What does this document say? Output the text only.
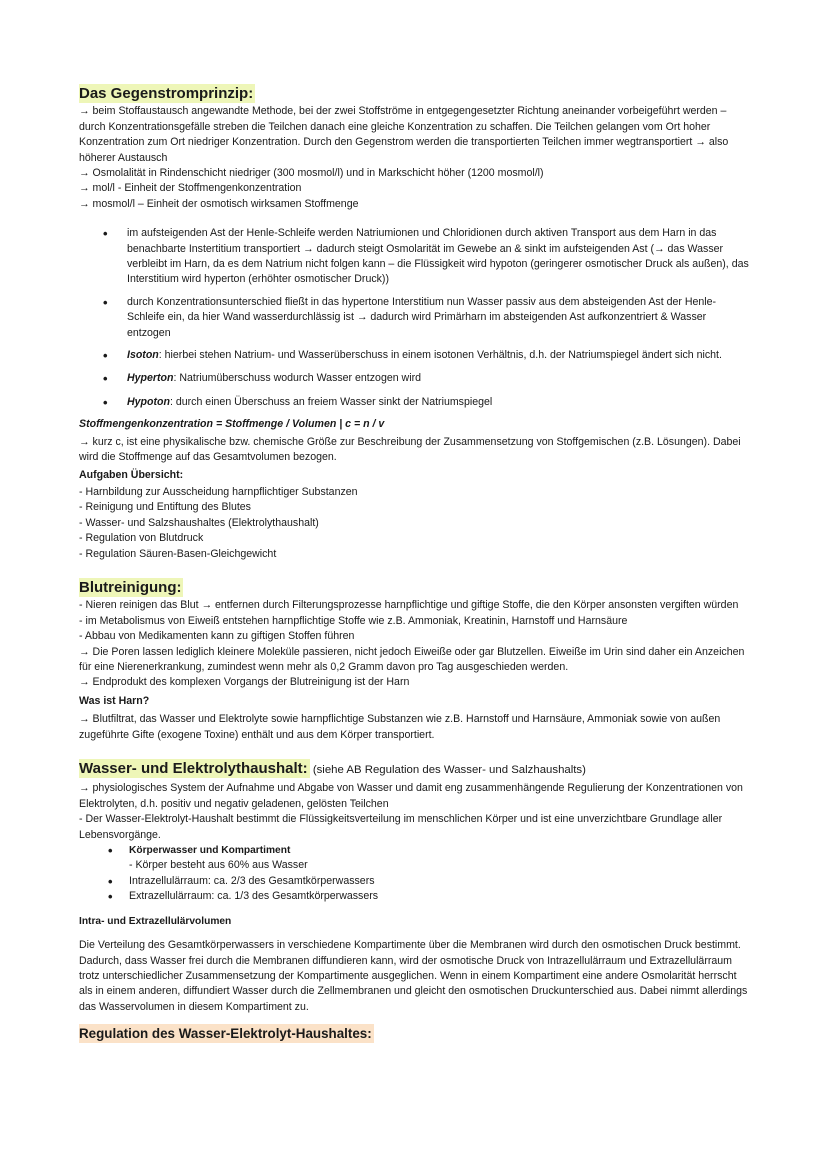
Das Gegenstromprinzip:

→ beim Stoffaustausch angewandte Methode, bei der zwei Stoffströme in entgegengesetzter Richtung aneinander vorbeigeführt werden – durch Konzentrationsgefälle streben die Teilchen danach eine gleiche Konzentration zu schaffen. Die Teilchen gelangen vom Ort hoher Konzentration zum Ort niedriger Konzentration. Durch den Gegenstrom werden die transportierten Teilchen immer wegtransportiert → also höherer Austausch

→ Osmolalität in Rindenschicht niedriger (300 mosmol/l) und in Markschicht höher (1200 mosmol/l)

→ mol/l - Einheit der Stoffmengenkonzentration

→ mosmol/l – Einheit der osmotisch wirksamen Stoffmenge

• im aufsteigenden Ast der Henle-Schleife werden Natriumionen und Chloridionen durch aktiven Transport aus dem Harn in das benachbarte Instertitium transportiert → dadurch steigt Osmolarität im Gewebe an & sinkt im aufsteigenden Ast (→ das Wasser verbleibt im Harn, da es dem Natrium nicht folgen kann – die Flüssigkeit wird hypoton (geringerer osmotischer Druck als außen), das Interstitium wird hyperton (erhöhter osmotischer Druck))
• durch Konzentrationsunterschied fließt in das hypertone Interstitium nun Wasser passiv aus dem absteigenden Ast der Henle-Schleife ein, da hier Wand wasserdurchlässig ist → dadurch wird Primärharn im absteigenden Ast aufkonzentriert & Wasser entzogen
• Isoton: hierbei stehen Natrium- und Wasserüberschuss in einem isotonen Verhältnis, d.h. der Natriumspiegel ändert sich nicht.
• Hyperton: Natriumüberschuss wodurch Wasser entzogen wird
• Hypoton: durch einen Überschuss an freiem Wasser sinkt der Natriumspiegel

Stoffmengenkonzentration = Stoffmenge / Volumen | c = n / v

→ kurz c, ist eine physikalische bzw. chemische Größe zur Beschreibung der Zusammensetzung von Stoffgemischen (z.B. Lösungen). Dabei wird die Stoffmenge auf das Gesamtvolumen bezogen.

Aufgaben Übersicht:

- Harnbildung zur Ausscheidung harnpflichtiger Substanzen

- Reinigung und Entiftung des Blutes

- Wasser- und Salzshaushaltes (Elektrolythaushalt)

- Regulation von Blutdruck

- Regulation Säuren-Basen-Gleichgewicht

Blutreinigung:

- Nieren reinigen das Blut → entfernen durch Filterungsprozesse harnpflichtige und giftige Stoffe, die den Körper ansonsten vergiften würden

- im Metabolismus von Eiweiß entstehen harnpflichtige Stoffe wie z.B. Ammoniak, Kreatinin, Harnstoff und Harnsäure

- Abbau von Medikamenten kann zu giftigen Stoffen führen

→ Die Poren lassen lediglich kleinere Moleküle passieren, nicht jedoch Eiweiße oder gar Blutzellen. Eiweiße im Urin sind daher ein Anzeichen für eine Nierenerkrankung, zumindest wenn mehr als 0,2 Gramm davon pro Tag ausgeschieden werden.

→ Endprodukt des komplexen Vorgangs der Blutreinigung ist der Harn

Was ist Harn?

→ Blutfiltrat, das Wasser und Elektrolyte sowie harnpflichtige Substanzen wie z.B. Harnstoff und Harnsäure, Ammoniak sowie von außen zugeführte Gifte (exogene Toxine) enthält und aus dem Körper transportiert.

Wasser- und Elektrolythaushalt: (siehe AB Regulation des Wasser- und Salzhaushalts)

→ physiologisches System der Aufnahme und Abgabe von Wasser und damit eng zusammenhängende Regulierung der Konzentrationen von Elektrolyten, d.h. positiv und negativ geladenen, gelösten Teilchen

- Der Wasser-Elektrolyt-Haushalt bestimmt die Flüssigkeitsverteilung im menschlichen Körper und ist eine unverzichtbare Grundlage aller Lebensvorgänge.

• Körperwasser und Kompartiment

- Körper besteht aus 60% aus Wasser

• Intrazellulärraum: ca. 2/3 des Gesamtkörperwassers
• Extrazellulärraum: ca. 1/3 des Gesamtkörperwassers

Intra- und Extrazellulärvolumen

Die Verteilung des Gesamtkörperwassers in verschiedene Kompartimente über die Membranen wird durch den osmotischen Druck bestimmt. Dadurch, dass Wasser frei durch die Membranen diffundieren kann, wird der osmotische Druck von Intrazellulärraum und Extrazellulärraum trotz unterschiedlicher Zusammensetzung der Kompartimente ausgeglichen. Wenn in einem Kompartiment eine andere Osmolarität herrscht als in einem anderen, diffundiert Wasser durch die Zellmembranen und gleicht den osmotischen Druckunterschied aus. Dabei nimmt allerdings das Wasservolumen in diesem Kompartiment zu.

Regulation des Wasser-Elektrolyt-Haushaltes:
